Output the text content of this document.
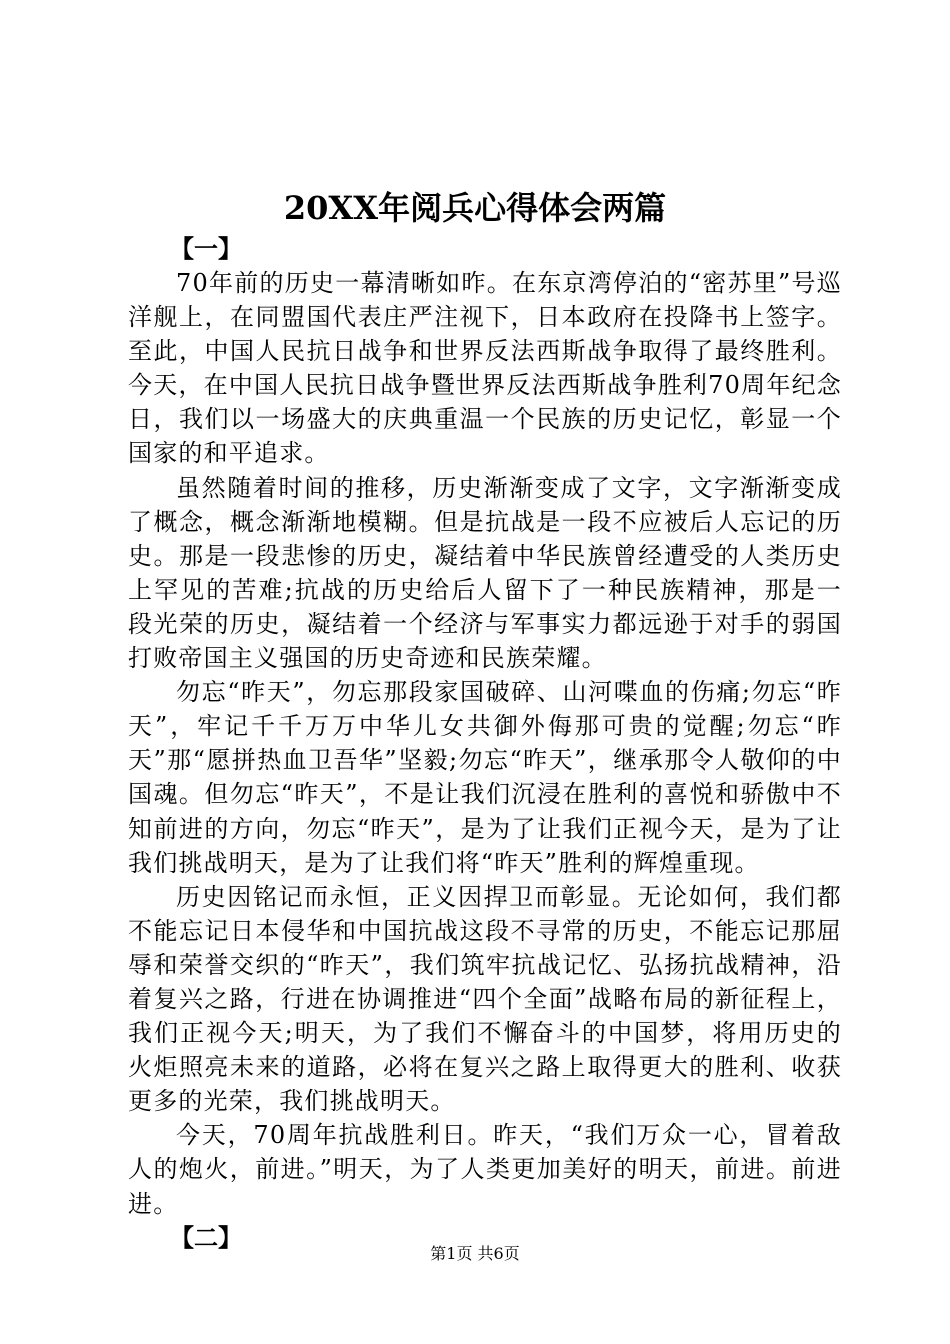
20XX年阅兵心得体会两篇
【一】

70年前的历史一幕清晰如昨。在东京湾停泊的“密苏里”号巡洋舰上，在同盟国代表庄严注视下，日本政府在投降书上签字。至此，中国人民抗日战争和世界反法西斯战争取得了最终胜利。今天，在中国人民抗日战争暨世界反法西斯战争胜利70周年纪念日，我们以一场盛大的庆典重温一个民族的历史记忆，彰显一个国家的和平追求。

虽然随着时间的推移，历史渐渐变成了文字，文字渐渐变成了概念，概念渐渐地模糊。但是抗战是一段不应被后人忘记的历史。那是一段悲惨的历史，凝结着中华民族曾经遭受的人类历史上罕见的苦难;抗战的历史给后人留下了一种民族精神，那是一段光荣的历史，凝结着一个经济与军事实力都远逊于对手的弱国打败帝国主义强国的历史奇迹和民族荣耀。

勿忘“昨天”，勿忘那段家国破碎、山河喋血的伤痛;勿忘“昨天”，牢记千千万万中华儿女共御外侮那可贵的觉醒;勿忘“昨天”那“愿拼热血卫吾华”坚毅;勿忘“昨天”，继承那令人敬仰的中国魂。但勿忘“昨天”，不是让我们沉浸在胜利的喜悦和骄傲中不知前进的方向，勿忘“昨天”，是为了让我们正视今天，是为了让我们挑战明天，是为了让我们将“昨天”胜利的辉煌重现。

历史因铭记而永恒，正义因捍卫而彰显。无论如何，我们都不能忘记日本侵华和中国抗战这段不寻常的历史，不能忘记那屈辱和荣誉交织的“昨天”，我们筑牢抗战记忆、弘扬抗战精神，沿着复兴之路，行进在协调推进“四个全面”战略布局的新征程上，我们正视今天;明天，为了我们不懈奋斗的中国梦，将用历史的火炬照亮未来的道路，必将在复兴之路上取得更大的胜利、收获更多的光荣，我们挑战明天。

今天，70周年抗战胜利日。昨天，“我们万众一心，冒着敌人的炮火，前进。”明天，为了人类更加美好的明天，前进。前进进。

【二】
第1页 共6页
